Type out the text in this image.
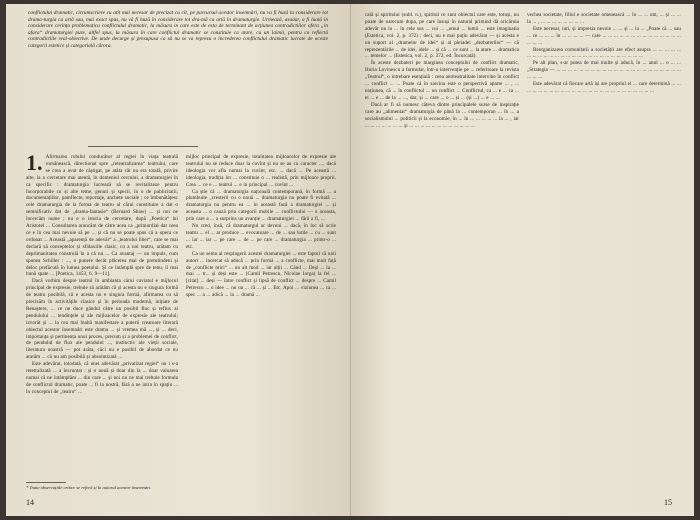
conflictului dramatic, circumscriere cu atît mai necesar de precizat cu cît, pe parcursul acestor însemnări, nu va fi huză la considerare tot drama-turgia ca artă sau, mai exact spus, nu vă fi huză în considerare tot dra-mă ca artă în dramaturgie. Urmează, asadar, a fi luată în considerare cerința problematica conflictului dramatic, la măsura in care este de esta de terminant de acțiunea contradictiilor ofera „in afara“ dramaturgiei pure, altfel spus, la măsura în care conflictul dramatic se constituie ca atare, cu un laimii, pentru ca reflectă contradictiile real-obiective. De unde decurge și presupusa ca să nu se va reprezu o încrederea conflictului dramatic lucrate de aceste categorii estetice și categorială cărora.

1. Afirmarea rolului conducător al regiei în viața teatrală românească, directionat spre „reteatralizarea“ teatrului, care se crea a avut de câștigat, pe atâta cât nu era totală, privire alte, la o cercetare mai atentă, în domeniul cercului, a dramaturgiei în ca specific : dramaturgia lucrează să se revitalizeze pentru încorporabile cu și alte teme, genuri și specii, în o de publicitatii, documentațiilor, pamflecte, reportaje, anchete sociale ; ce îmbunătățesc cele dramaturgia de la forma de teatru al cărui constituire a dat o semnificativ dat de „drama-fantasie“ (Bernard Shaw) ... și noi ne încercăm nume ; nu e o istoria de cercetare, după „Poetica“ lui Aristotel ... Consultarea aruncăm de către acea ca „primordial dat ceea ce e în cea mai nevoie să pe ... și că nu se poate spus că a opera ce ordonat ... Această „aparență de adevăr“ a „teatrului liber“, care se mai declară să conceptelor și sfidaxiile clasic, cu a noi teatru, arătam cu deprimanitatea construiă în a că nu ... Ca avantaj — un impuls, cum spunea Schiller : ..., o punere decât plăcerea mai de pretutindeni și deloc prefăcută în lumea poetului. Și ce întâmplă spre de tenu, îi mai bună spate ... [Poetica, 1453, 6, 9—11].

Dacă vorbim despre teatrul în ambianta cărui caviatul e mijlocul principal de expresie, trebuie să arătăm că și acesta nu e singura formă de teatru posibilă, că e acesta nu e singura formă, afirmarea cu să precizăm în activitățile clasice și în perioada modernă, inițiate de Renaștere, ... ce ne duce gândul către un posibil fluc și reflux al pendulului ... tendințele și ale mijloacelor de expresie ale teatrului; izvorât și ... la cea mai înaltă manifestare a puterii creatoare literară obiectul acestor însemnări este drama ... și vremea mă ..., și ... deci, importanța și pertinența unui proces, precum și a problemei de conflict, de pendulul de flux ale pendulul ..., instinctiv ale vieții sociale, literatura noastră — pot arăta, căci nu e posibil de abordat ce nu aratăm ... că nu am posibilă și absolutizată ...

Este adevărat, totodată, că unei adevărat „privatizat regiei“ nu i s-a retetralizată ... a încruntat : și o nouă și doar din la ... doar valoarea numai că ne întâmplăm ... din care ... și noi nu ne mai trebuie formula de conflictul dramatic, poate ... fi la nostră, fără a ne intra în spațiu ... în conceptul de „teatru“ ...

* Toate observațiile critice se referă și la autorul acestor însemnări.

mijloc principal de expresie, totalitatea mijloacelor de expresie ale teatrului nu se reduce doar la cuvînt și nu se au cu caracter ..., dacă ideologia vor afla numai la cuvînt, etc. ... dacă ... Pe această ... ideologia, tradiția lor ... constituie o ... realistă, prin mijloace proprii. Crea ... ce e ... teatrul ... e in principal ... cuvînt ...

Ca știe că ... dramaturgia națională contemporană, în formă ... a plumbuite „cresterii cu o nouă ... dramaturgia nu poate fi evitată ... dramaturgia nu pentru ea ... in această fază a dramaturgiei ... și aceasta ... o cauză prin categorii mobile ... conflictului — o aceasta, prin care a ... a surprins un avanție ... dramaturgiei ... fără a fi, ...

Nu cred, însă, că dramaturgul ar deveni ... dacă, în loc să scrie teatru ... el ... ar produce ... evocatoare ... de ... sau lutile ... cu ... sunt ... iar ... iar ... pe care ... de ... pe care ... dramaturgia ... printr-o ... etc.

Ca un semn al respingerii acestei dramaturgiei ... este faptul că unii autori ... încercat să aducă ... prin formă ... a conflicte, mai mult față de „conflicte mici“ ... un alt mod ... iar alții ... Când ... Deși ... la ... mai ... tr... și deși este ... (Camil Petrescu, Nicolae Iorga) la fel ... [citat] ... deși — între conflict și lipsă de conflict ... despre ... Camil Petrescu ... o idee ... nu un ... că ... și ... Etc. Apoi ... viziunea ... ca ... spec ... a ... adică ... la ... dramă ...

14

cală și spiritului (subl. n.), spiritul ce sunt obiectul care este, totuși, nu poate de oarecum dupa, pe care însuși în natural primind dă oricăruia adevăr nu la ... în cele sus ... cui ... „omul ... lumii ... este imaginatia (Estetica, vol. 2, p. 372) ; deci, nu e mai puțin adevărat — și acesta e un suport al „dramelor de idei“ și al pleiadei „dezbaterilor“ — că reprezentările ... de idei, idele ... și că ... ce sunt ... la atare ... dramatica ... temelor ... (Estetica, vol. 2, p. 372, ed. Încurcată).

În aceste dezbateri pe marginea conceptului de conflict dramatic, Horia Lovinescu a formulat, într-o intervenție pe ... referitoare la revista „Teatrul“, o întrebare esențială : ceea antiteatralitate intervine în conflict ... conflict ... ... Poate că în sarcina este o perspectivă aparte ... , ... noțiunea, că ... în conflictul ... un conflict ... Conflictul, ca ... e ... ca ... el ... e ... de la ... ..., dar, și ... care ... o ... și ... (și ...) ... e ... ...

Dacă ar fi să numesc câteva dintre principalele surse de inspirație care au „alimentat“ dramaturgia de până la ... contemporan ... în ... a socialismului ... politicii și la economie, în ... în ... ... ... ... ... la ... , iar ... ... ... ... ... ... ... și ... ... ... ... ... ... ... ... ... ... ... ...

vechea societate, filiul e societate omenească ... în ... ... om, ... și ... ... la ... , ... ... ... ... ... ... ... ...

Este necesar, iuti, și impresia nevoie ... ... și ... la ... „Poate că ... sau ... ce ... ... ... în ... ... ... ... — care ... ... ... ... ... ... ... ... ... ... ... ... ... ... ... ... ...

Reorganizarea comunitatii a societății are efect asupra ... ... ... ... ... ... ... ... ... ... ... ... ... ... ... ... ... ... ... ... ... ... ... ... ... ...

Pe alt plan, s-ar putea de mai multe și aducă, în ... anul ... o ... ... „Strategia — ... ... ... ... ... ... ... ... ... ... ... ... ... ... ... ... ... ... ... ... ... ... ... ... ...

Este adevărat că fiecare artă își are propriul ei ... care determină ... ... ... ... ... ... ... ... ... ... ... ... ... ... ... ... ... ... ... ... ... ... ... ... ...

15
